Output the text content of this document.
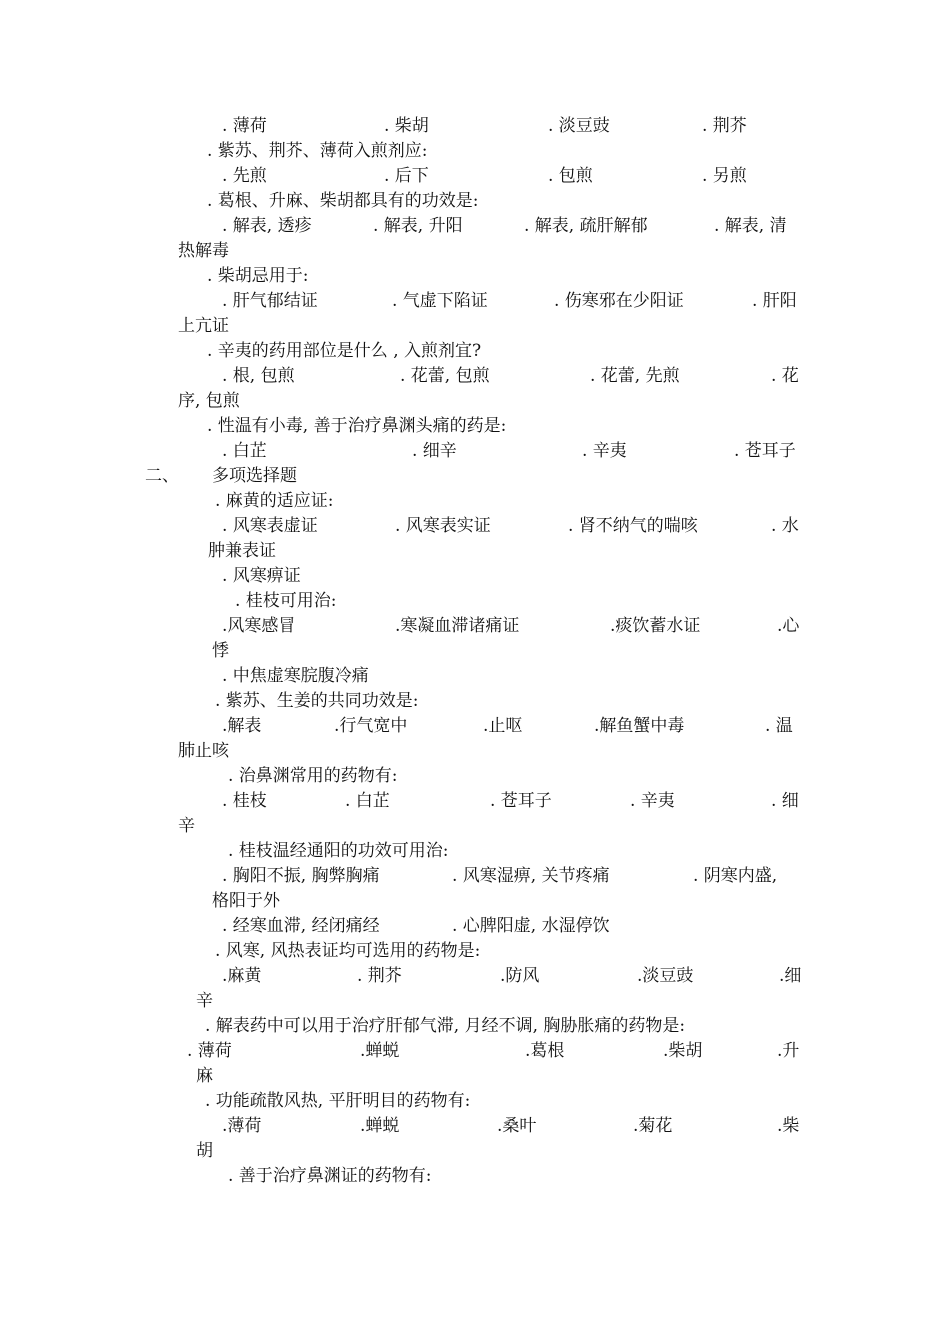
. 薄荷	. 柴胡	. 淡豆豉	. 荆芥
. 紫苏、荆芥、薄荷入煎剂应:
. 先煎	. 后下	. 包煎	. 另煎
. 葛根、升麻、柴胡都具有的功效是:
. 解表, 透疹	. 解表, 升阳	. 解表, 疏肝解郁	. 解表, 清
热解毒
. 柴胡忌用于:
. 肝气郁结证	. 气虚下陷证	. 伤寒邪在少阳证	. 肝阳
上亢证
. 辛夷的药用部位是什么 , 入煎剂宜?
. 根, 包煎	. 花蕾, 包煎	. 花蕾, 先煎	. 花
序, 包煎
. 性温有小毒, 善于治疗鼻渊头痛的药是:
. 白芷	. 细辛	. 辛夷	. 苍耳子
二、 多项选择题
. 麻黄的适应证:
. 风寒表虚证	. 风寒表实证	. 肾不纳气的喘咳	. 水
肿兼表证
. 风寒痹证
. 桂枝可用治:
.风寒感冒	.寒凝血滞诸痛证	.痰饮蓄水证	.心
悸
. 中焦虚寒脘腹冷痛
. 紫苏、生姜的共同功效是:
.解表	.行气宽中	.止呕	.解鱼蟹中毒	. 温
肺止咳
. 治鼻渊常用的药物有:
. 桂枝	. 白芷	. 苍耳子	. 辛夷	. 细
辛
. 桂枝温经通阳的功效可用治:
. 胸阳不振, 胸弊胸痛	. 风寒湿痹, 关节疼痛	. 阴寒内盛,
格阳于外
. 经寒血滞, 经闭痛经	. 心脾阳虚, 水湿停饮
. 风寒, 风热表证均可选用的药物是:
.麻黄	. 荆芥	.防风	.淡豆豉	.细
辛
. 解表药中可以用于治疗肝郁气滞, 月经不调, 胸胁胀痛的药物是:
. 薄荷	.蝉蜕	.葛根	.柴胡	.升
麻
. 功能疏散风热, 平肝明目的药物有:
.薄荷	.蝉蜕	.桑叶	.菊花	.柴
胡
. 善于治疗鼻渊证的药物有:
